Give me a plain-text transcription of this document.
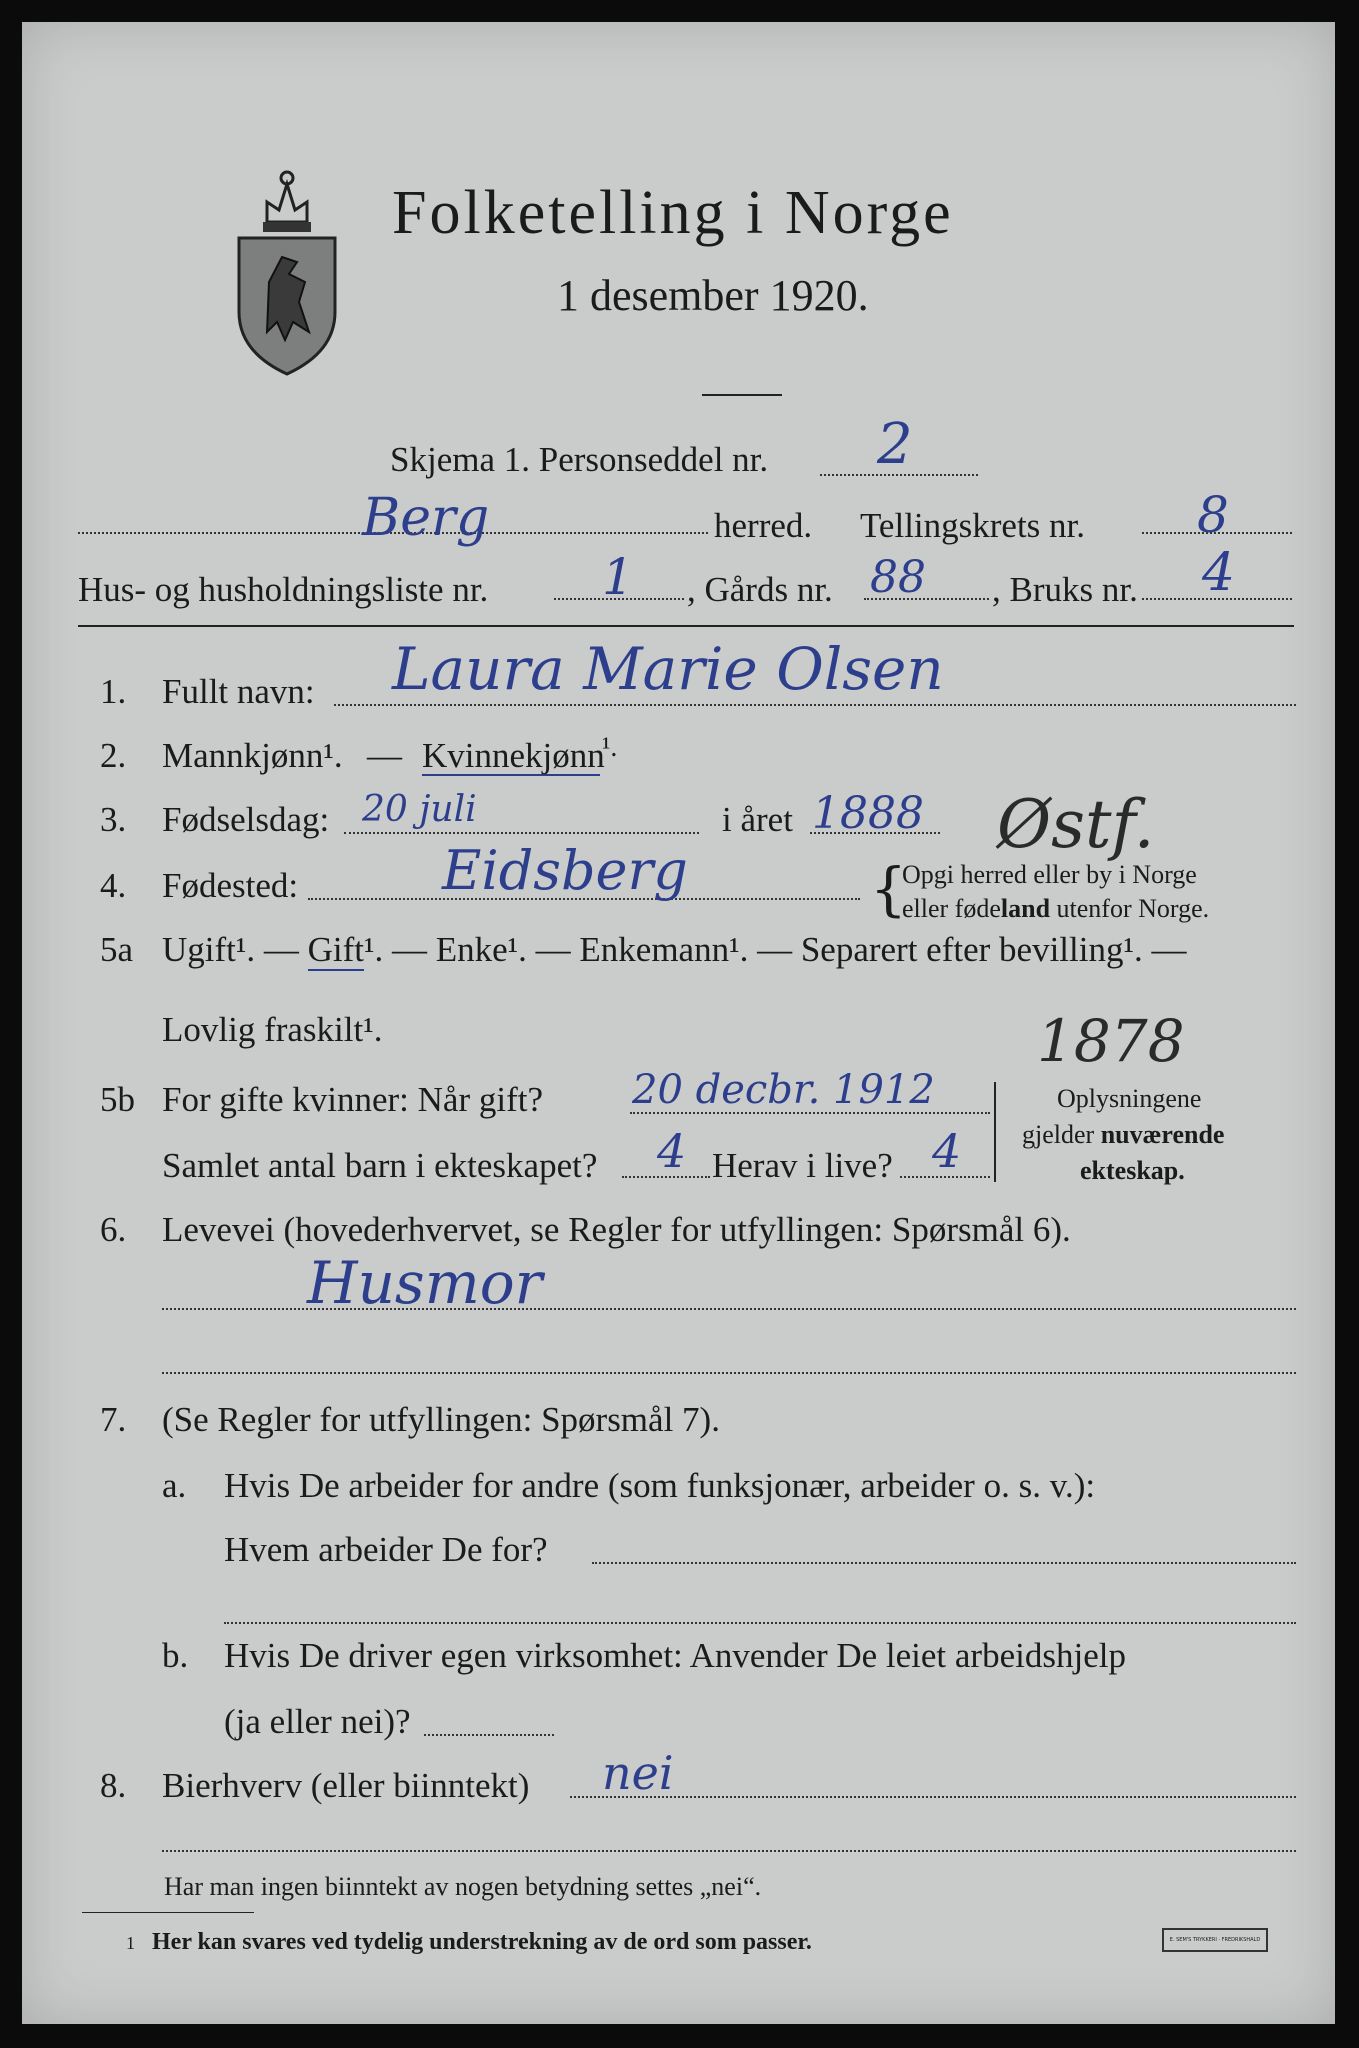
Folketelling i Norge
1 desember 1920.
Skjema 1. Personseddel nr. 2
Berg	herred. Tellingskrets nr. 8
Hus- og husholdningsliste nr. 1 , Gårds nr. 88 , Bruks nr. 4
1. Fullt navn: Laura Marie Olsen
2. Mannkjønn¹. — Kvinnekjønn
¹.
3. Fødselsdag: 20 juli	i året 1888 Østf.
4. Fødested:	Eidsberg	{
Opgi herred eller by i Norge
eller fødeland utenfor Norge.
5a Ugift¹. — Gift¹. — Enke¹. — Enkemann¹. — Separert efter bevilling¹. —
Lovlig fraskilt¹.	1878
5b For gifte kvinner: Når gift? 20 decbr. 1912
Samlet antal barn i ekteskapet? 4 Herav i live? 4
Oplysningene
gjelder nuværende
ekteskap.
6. Levevei (hovederhvervet, se Regler for utfyllingen: Spørsmål 6).
Husmor
7. (Se Regler for utfyllingen: Spørsmål 7).
a. Hvis De arbeider for andre (som funksjonær, arbeider o. s. v.):
Hvem arbeider De for?
b. Hvis De driver egen virksomhet: Anvender De leiet arbeidshjelp
(ja eller nei)?
8. Bierhverv (eller biinntekt) nei
Har man ingen biinntekt av nogen betydning settes „nei“.
1 Her kan svares ved tydelig understrekning av de ord som passer.	E. SEM'S TRYKKERI · FREDRIKSHALD
